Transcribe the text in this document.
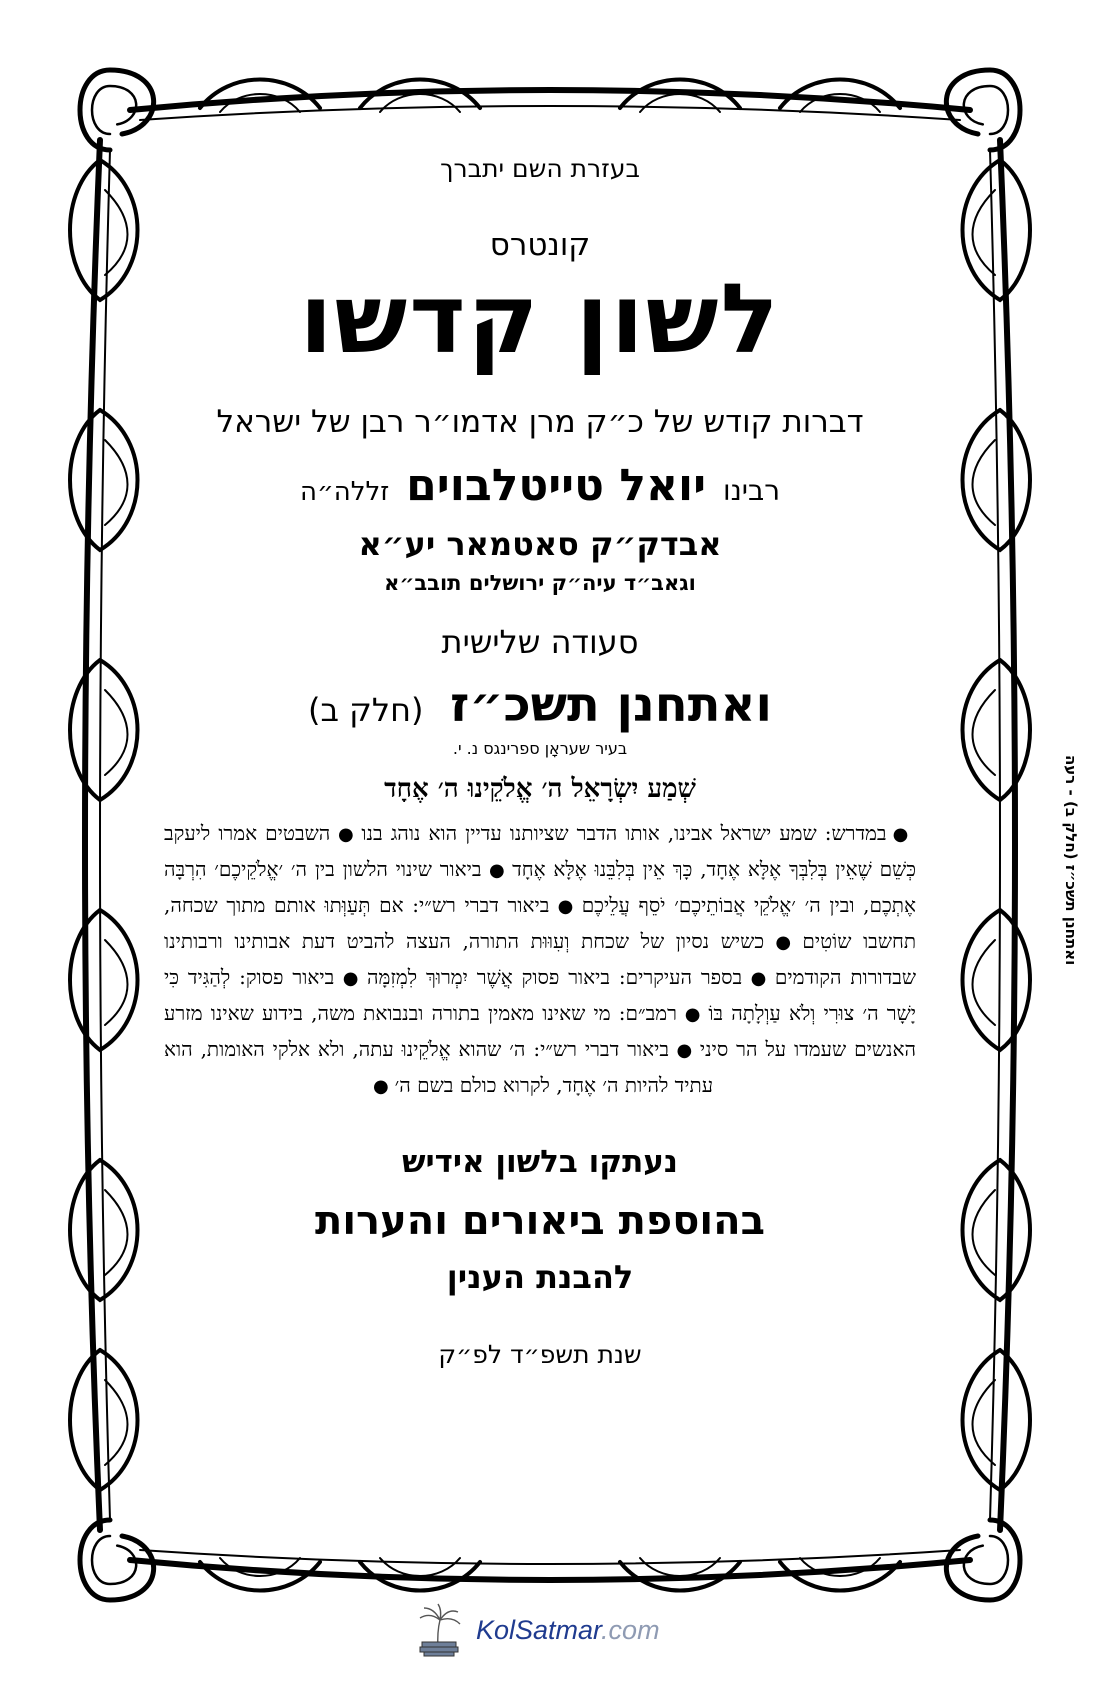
בעזרת השם יתברך
קונטרס
לשון קדשו
דברות קודש של כ״ק מרן אדמו״ר רבן של ישראל
רבינו יואל טייטלבוים זללה״ה
אבדק״ק סאטמאר יע״א
וגאב״ד עיה״ק ירושלים תובב״א
סעודה שלישית
ואתחנן תשכ״ז (חלק ב)
בעיר שעראָן ספרינגס נ. י.
שְׁמַע יִשְׂרָאֵל ה׳ אֱלֹקֵינוּ ה׳ אֶחָד
●במדרש: שמע ישראל אבינו, אותו הדבר שציותנו עדיין הוא נוהג בנו●השבטים אמרו ליעקב כְּשֵׁם שֶׁאֵין בְּלִבְּךָ אֶלָּא אֶחָד, כָּךְ אֵין בְּלִבֵּנוּ אֶלָּא אֶחָד●ביאור שינוי הלשון בין ה׳ ׳אֱלֹקֵיכֶם׳ הִרְבָּה אֶתְכֶם, ובין ה׳ ׳אֱלֹקֵי אֲבוֹתֵיכֶם׳ יֹסֵף עֲלֵיכֶם●ביאור דברי רש״י: אם תְּעַוְּתוּ אותם מתוך שכחה, תחשבו שוֹטִים●כשיש נסיון של שכחת וְעִוּוּת התורה, העצה להביט דעת אבותינו ורבותינו שבדורות הקודמים●בספר העיקרים: ביאור פסוק אֲשֶׁר יִמְרוּךְ לִמְזִמָּה●ביאור פסוק: לְהַגִּיד כִּי יָשָׁר ה׳ צוּרִי וְלֹא עַוְלָתָה בּוֹ●רמב״ם: מי שאינו מאמין בתורה ובנבואת משה, בידוע שאינו מזרע האנשים שעמדו על הר סיני●ביאור דברי רש״י: ה׳ שהוא אֱלֹקֵינוּ עתה, ולא אלקי האומות, הוא עתיד להיות ה׳ אֶחָד, לקרוא כולם בשם ה׳●
נעתקו בלשון אידיש
בהוספת ביאורים והערות
להבנת הענין
שנת תשפ״ד לפ״ק
ואתחנן תשכ״ז (חלק ב) - רעה
KolSatmar.com
